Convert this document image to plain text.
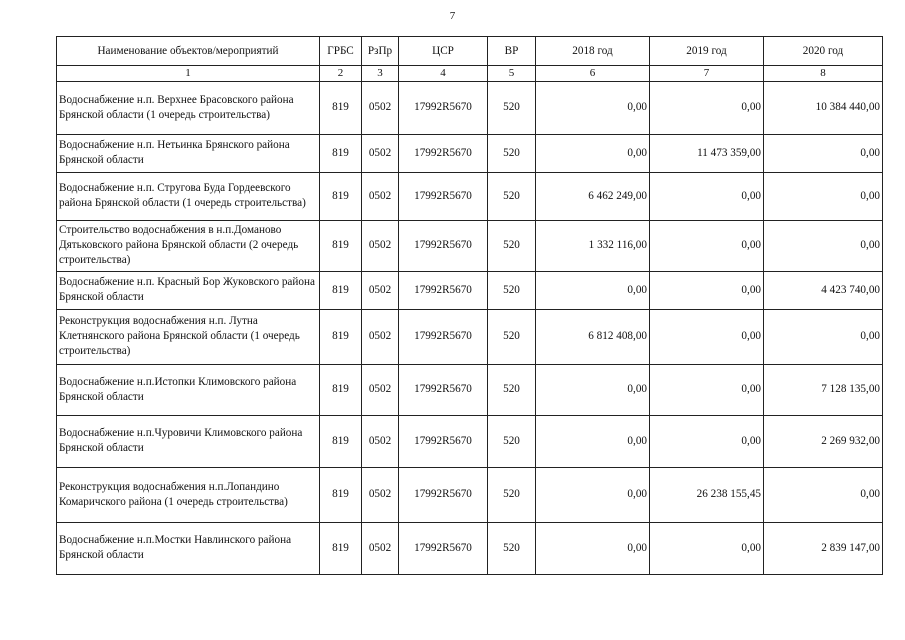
7
Наименование объектов/мероприятий	ГРБС	РзПр	ЦСР	ВР	2018 год	2019 год	2020 год
1	2	3	4	5	6	7	8
Водоснабжение н.п. Верхнее Брасовского района Брянской области (1 очередь строительства)	819	0502	17992R5670	520	0,00	0,00	10 384 440,00
Водоснабжение н.п. Нетьинка Брянского района Брянской области	819	0502	17992R5670	520	0,00	11 473 359,00	0,00
Водоснабжение н.п. Стругова Буда Гордеевского района Брянской области (1 очередь строительства)	819	0502	17992R5670	520	6 462 249,00	0,00	0,00
Строительство водоснабжения в н.п.Доманово Дятьковского района Брянской области (2 очередь строительства)	819	0502	17992R5670	520	1 332 116,00	0,00	0,00
Водоснабжение н.п. Красный Бор Жуковского района Брянской области	819	0502	17992R5670	520	0,00	0,00	4 423 740,00
Реконструкция водоснабжения н.п. Лутна Клетнянского района Брянской области (1 очередь строительства)	819	0502	17992R5670	520	6 812 408,00	0,00	0,00
Водоснабжение н.п.Истопки Климовского района Брянской области	819	0502	17992R5670	520	0,00	0,00	7 128 135,00
Водоснабжение н.п.Чуровичи Климовского района Брянской области	819	0502	17992R5670	520	0,00	0,00	2 269 932,00
Реконструкция водоснабжения н.п.Лопандино Комаричского района (1 очередь строительства)	819	0502	17992R5670	520	0,00	26 238 155,45	0,00
Водоснабжение н.п.Мостки Навлинского района Брянской области	819	0502	17992R5670	520	0,00	0,00	2 839 147,00
